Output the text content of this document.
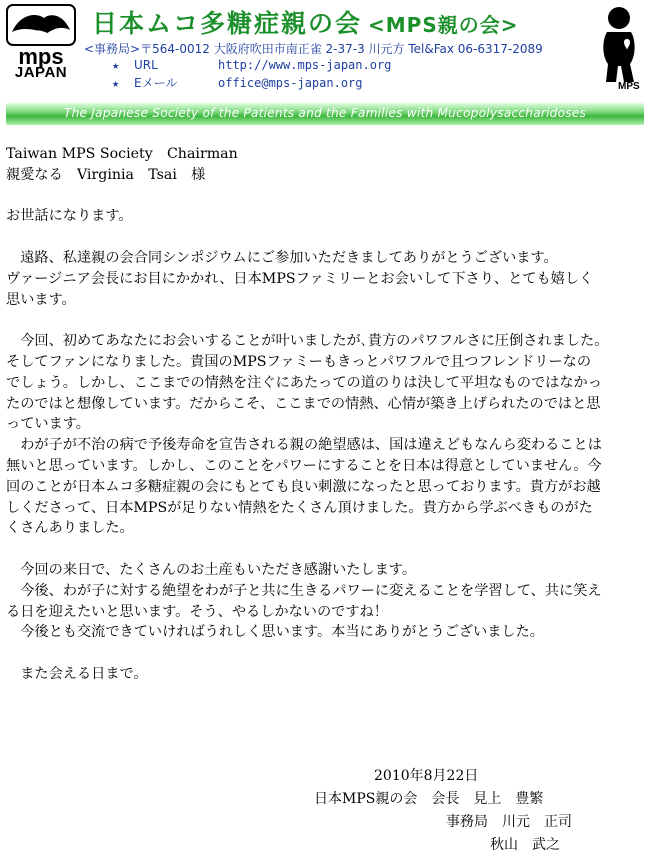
mps
JAPAN
日本ムコ多糖症親の会 <MPS親の会>
<事務局>〒564-0012 大阪府吹田市南正雀 2-37-3 川元方 Tel&Fax 06-6317-2089
★ URL	http://www.mps-japan.org
★ Eメール	office@mps-japan.org	MPS
The Japanese Society of the Patients and the Families with Mucopolysaccharidoses

Taiwan MPS Society　Chairman

親愛なる　Virginia　Tsai　様

お世話になります。

　遠路、私達親の会合同シンポジウムにご参加いただきましてありがとうございます。

ヴァージニア会長にお目にかかれ、日本MPSファミリーとお会いして下さり、とても嬉しく

思います。

　今回、初めてあなたにお会いすることが叶いましたが､貴方のパワフルさに圧倒されました。

そしてファンになりました。貴国のMPSファミーもきっとパワフルで且つフレンドリーなの

でしょう。しかし、ここまでの情熱を注ぐにあたっての道のりは決して平坦なものではなかっ

たのではと想像しています。だからこそ、ここまでの情熱、心情が築き上げられたのではと思

っています。

　わが子が不治の病で予後寿命を宣告される親の絶望感は、国は違えどもなんら変わることは

無いと思っています。しかし、このことをパワーにすることを日本は得意としていません。今

回のことが日本ムコ多糖症親の会にもとても良い刺激になったと思っております。貴方がお越

しくださって、日本MPSが足りない情熱をたくさん頂けました。貴方から学ぶべきものがた

くさんありました。

　今回の来日で、たくさんのお土産もいただき感謝いたします。

　今後、わが子に対する絶望をわが子と共に生きるパワーに変えることを学習して、共に笑え

る日を迎えたいと思います。そう、やるしかないのですね！

　今後とも交流できていければうれしく思います。本当にありがとうございました。

　また会える日まで。

2010年8月22日
日本MPS親の会　会長　見上　豊繁
事務局　川元　正司
秋山　武之
